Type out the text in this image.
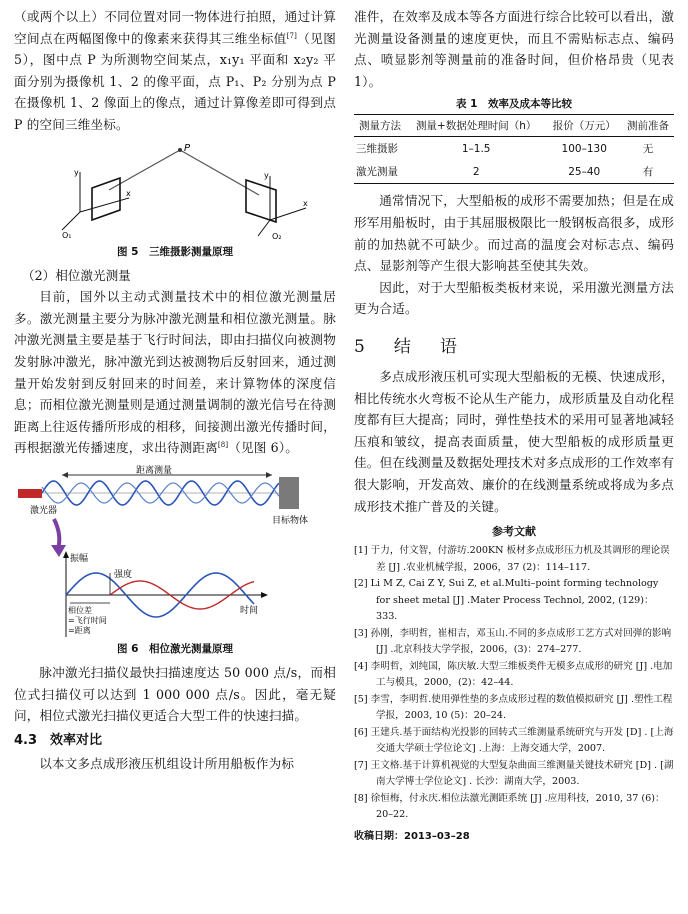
（或两个以上）不同位置对同一物体进行拍照，通过计算空间点在两幅图像中的像素来获得其三维坐标值[7]（见图 5），图中点 P 为所测物空间某点，x₁y₁ 平面和 x₂y₂ 平面分别为摄像机 1、2 的像平面，点 P₁、P₂ 分别为点 P 在摄像机 1、2 像面上的像点，通过计算像差即可得到点 P 的空间三维坐标。

P
y
x
O₁
y
x
O₂
图 5　三维摄影测量原理
（2）相位激光测量

目前，国外以主动式测量技术中的相位激光测量居多。激光测量主要分为脉冲激光测量和相位激光测量。脉冲激光测量主要是基于飞行时间法，即由扫描仪向被测物发射脉冲激光，脉冲激光到达被测物后反射回来，通过测量开始发射到反射回来的时间差，来计算物体的深度信息；而相位激光测量则是通过测量调制的激光信号在待测距离上往返传播所形成的相移，间接测出激光传播时间，再根据激光传播速度，求出待测距离[8]（见图 6）。

距离测量
激光器
目标物体
振幅
强度
时间
相位差
=飞行时间
=距离
图 6　相位激光测量原理

脉冲激光扫描仪最快扫描速度达 50 000 点/s，而相位式扫描仪可以达到 1 000 000 点/s。因此，毫无疑问，相位式激光扫描仪更适合大型工件的快速扫描。

4.3　效率对比

以本文多点成形液压机组设计所用船板作为标

准件，在效率及成本等各方面进行综合比较可以看出，激光测量设备测量的速度更快，而且不需贴标志点、编码点、喷显影剂等测量前的准备时间，但价格昂贵（见表 1）。

表 1　效率及成本等比较
测量方法	测量+数据处理时间（h）	报价（万元）	测前准备
三维摄影	1–1.5	100–130	无
激光测量	2	25–40	有

通常情况下，大型船板的成形不需要加热；但是在成形军用船板时，由于其屈服极限比一般钢板高很多，成形前的加热就不可缺少。而过高的温度会对标志点、编码点、显影剂等产生很大影响甚至使其失效。

因此，对于大型船板类板材来说，采用激光测量方法更为合适。

5　结　语

多点成形液压机可实现大型船板的无模、快速成形，相比传统水火弯板不论从生产能力，成形质量及自动化程度都有巨大提高；同时，弹性垫技术的采用可显著地减轻压痕和皱纹，提高表面质量，使大型船板的成形质量更佳。但在线测量及数据处理技术对多点成形的工作效率有很大影响，开发高效、廉价的在线测量系统或将成为多点成形技术推广普及的关键。

参考文献

[1] 于力，付文智，付游坊.200KN 板材多点成形压力机及其调形的理论误差 [J] .农业机械学报，2006，37 (2)：114–117.

[2] Li M Z, Cai Z Y, Sui Z, et al.Multi–point forming technology for sheet metal [J] .Mater Process Technol, 2002, (129)：333.

[3] 孙刚，李明哲，崔相吉，邓玉山.不同的多点成形工艺方式对回弹的影响 [J] .北京科技大学学报，2006，(3)：274–277.

[4] 李明哲，刘纯国，陈庆敏.大型三维板类件无模多点成形的研究 [J] .电加工与模具，2000，(2)：42–44.

[5] 李雪，李明哲.使用弹性垫的多点成形过程的数值模拟研究 [J] .塑性工程学报，2003, 10 (5)：20–24.

[6] 王建兵.基于面结构光投影的回转式三维测量系统研究与开发 [D] . [上海交通大学硕士学位论文] .上海：上海交通大学，2007.

[7] 王文格.基于计算机视觉的大型复杂曲面三维测量关键技术研究 [D] . [湖南大学博士学位论文] . 长沙：湖南大学，2003.

[8] 徐恒梅，付永庆.相位法激光测距系统 [J] .应用科技，2010, 37 (6)：20–22.

收稿日期：2013–03–28
